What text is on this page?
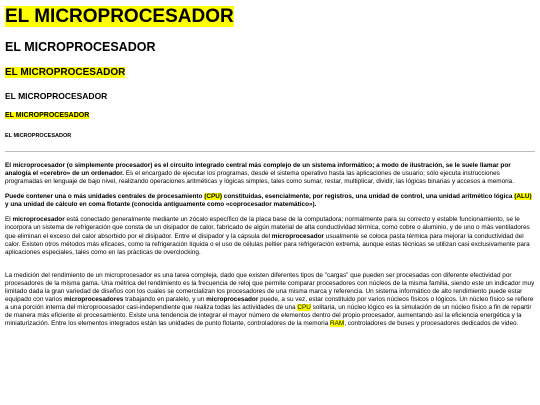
EL MICROPROCESADOR
EL MICROPROCESADOR
EL MICROPROCESADOR
EL MICROPROCESADOR
EL MICROPROCESADOR
EL MICROPROCESADOR

El microprocesador (o simplemente procesador) es el circuito integrado central más complejo de un sistema informático; a modo de ilustración, se le suele llamar por analogía el «cerebro» de un ordenador. Es el encargado de ejecutar los programas, desde el sistema operativo hasta las aplicaciones de usuario; sólo ejecuta instrucciones programadas en lenguaje de bajo nivel, realizando operaciones aritméticas y lógicas simples, tales como sumar, restar, multiplicar, dividir, las lógicas binarias y accesos a memoria.

Puede contener una o más unidades centrales de procesamiento (CPU) constituidas, esencialmente, por registros, una unidad de control, una unidad aritmético lógica (ALU) y una unidad de cálculo en coma flotante (conocida antiguamente como «coprocesador matemático»).

El microprocesador está conectado generalmente mediante un zócalo específico de la placa base de la computadora; normalmente para su correcto y estable funcionamiento, se le incorpora un sistema de refrigeración que consta de un disipador de calor, fabricado de algún material de alta conductividad térmica, como cobre o aluminio, y de uno o más ventiladores que eliminan el exceso del calor absorbido por el disipador. Entre el disipador y la cápsula del microprocesador usualmente se coloca pasta térmica para mejorar la conductividad del calor. Existen otros métodos más eficaces, como la refrigeración líquida o el uso de células peltier para refrigeración extrema, aunque estas técnicas se utilizan casi exclusivamente para aplicaciones especiales, tales como en las prácticas de overclocking.

La medición del rendimiento de un microprocesador es una tarea compleja, dado que existen diferentes tipos de "cargas" que pueden ser procesadas con diferente efectividad por procesadores de la misma gama. Una métrica del rendimiento es la frecuencia de reloj que permite comparar procesadores con núcleos de la misma familia, siendo este un indicador muy limitado dada la gran variedad de diseños con los cuales se comercializan los procesadores de una misma marca y referencia. Un sistema informático de alto rendimiento puede estar equipado con varios microprocesadores trabajando en paralelo, y un microprocesador puede, a su vez, estar constituido por varios núcleos físicos o lógicos. Un núcleo físico se refiere a una porción interna del microprocesador casi-independiente que realiza todas las actividades de una CPU solitaria, un núcleo lógico es la simulación de un núcleo físico a fin de repartir de manera más eficiente el procesamiento. Existe una tendencia de integrar el mayor número de elementos dentro del propio procesador, aumentando así la eficiencia energética y la miniaturización. Entre los elementos integrados están las unidades de punto flotante, controladores de la memoria RAM, controladores de buses y procesadores dedicados de video.
